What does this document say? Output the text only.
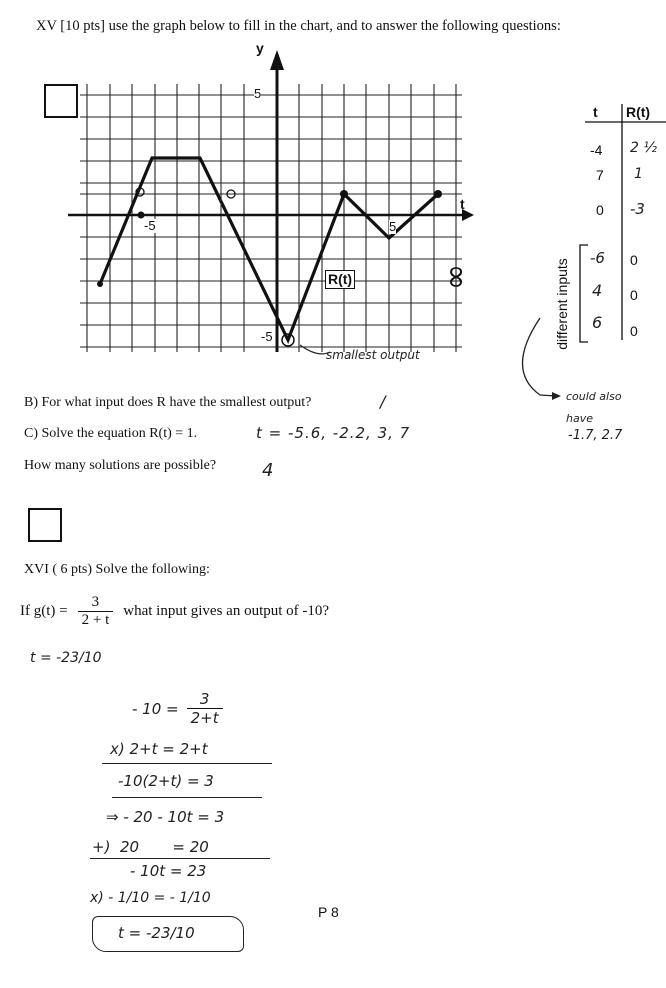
XV [10 pts] use the graph below to fill in the chart, and to answer the following questions:
y
t
5
-5	5
-5
R(t)	∞
smallest output
t R(t)
-4 2 ½
7 1
0 -3
-6 0
4 0
6 0
different inputs
could also
have
-1.7, 2.7
B) For what input does R have the smallest output?	/
C) Solve the equation R(t) = 1.	t = -5.6, -2.2, 3, 7
How many solutions are possible?	4
XVI ( 6 pts) Solve the following:
If $g(t) = \frac{3}{2 + t}$ what input gives an output of -10?
t = -23/10
- $10 = \frac{3}{2+t}$
x) 2+t = 2+t
-10(2+t) = 3
⇒ - 20 - 10t = 3
+)  20       = 20
- 10t = 23
x) - 1/10 = - 1/10
t = -23/10
P 8
